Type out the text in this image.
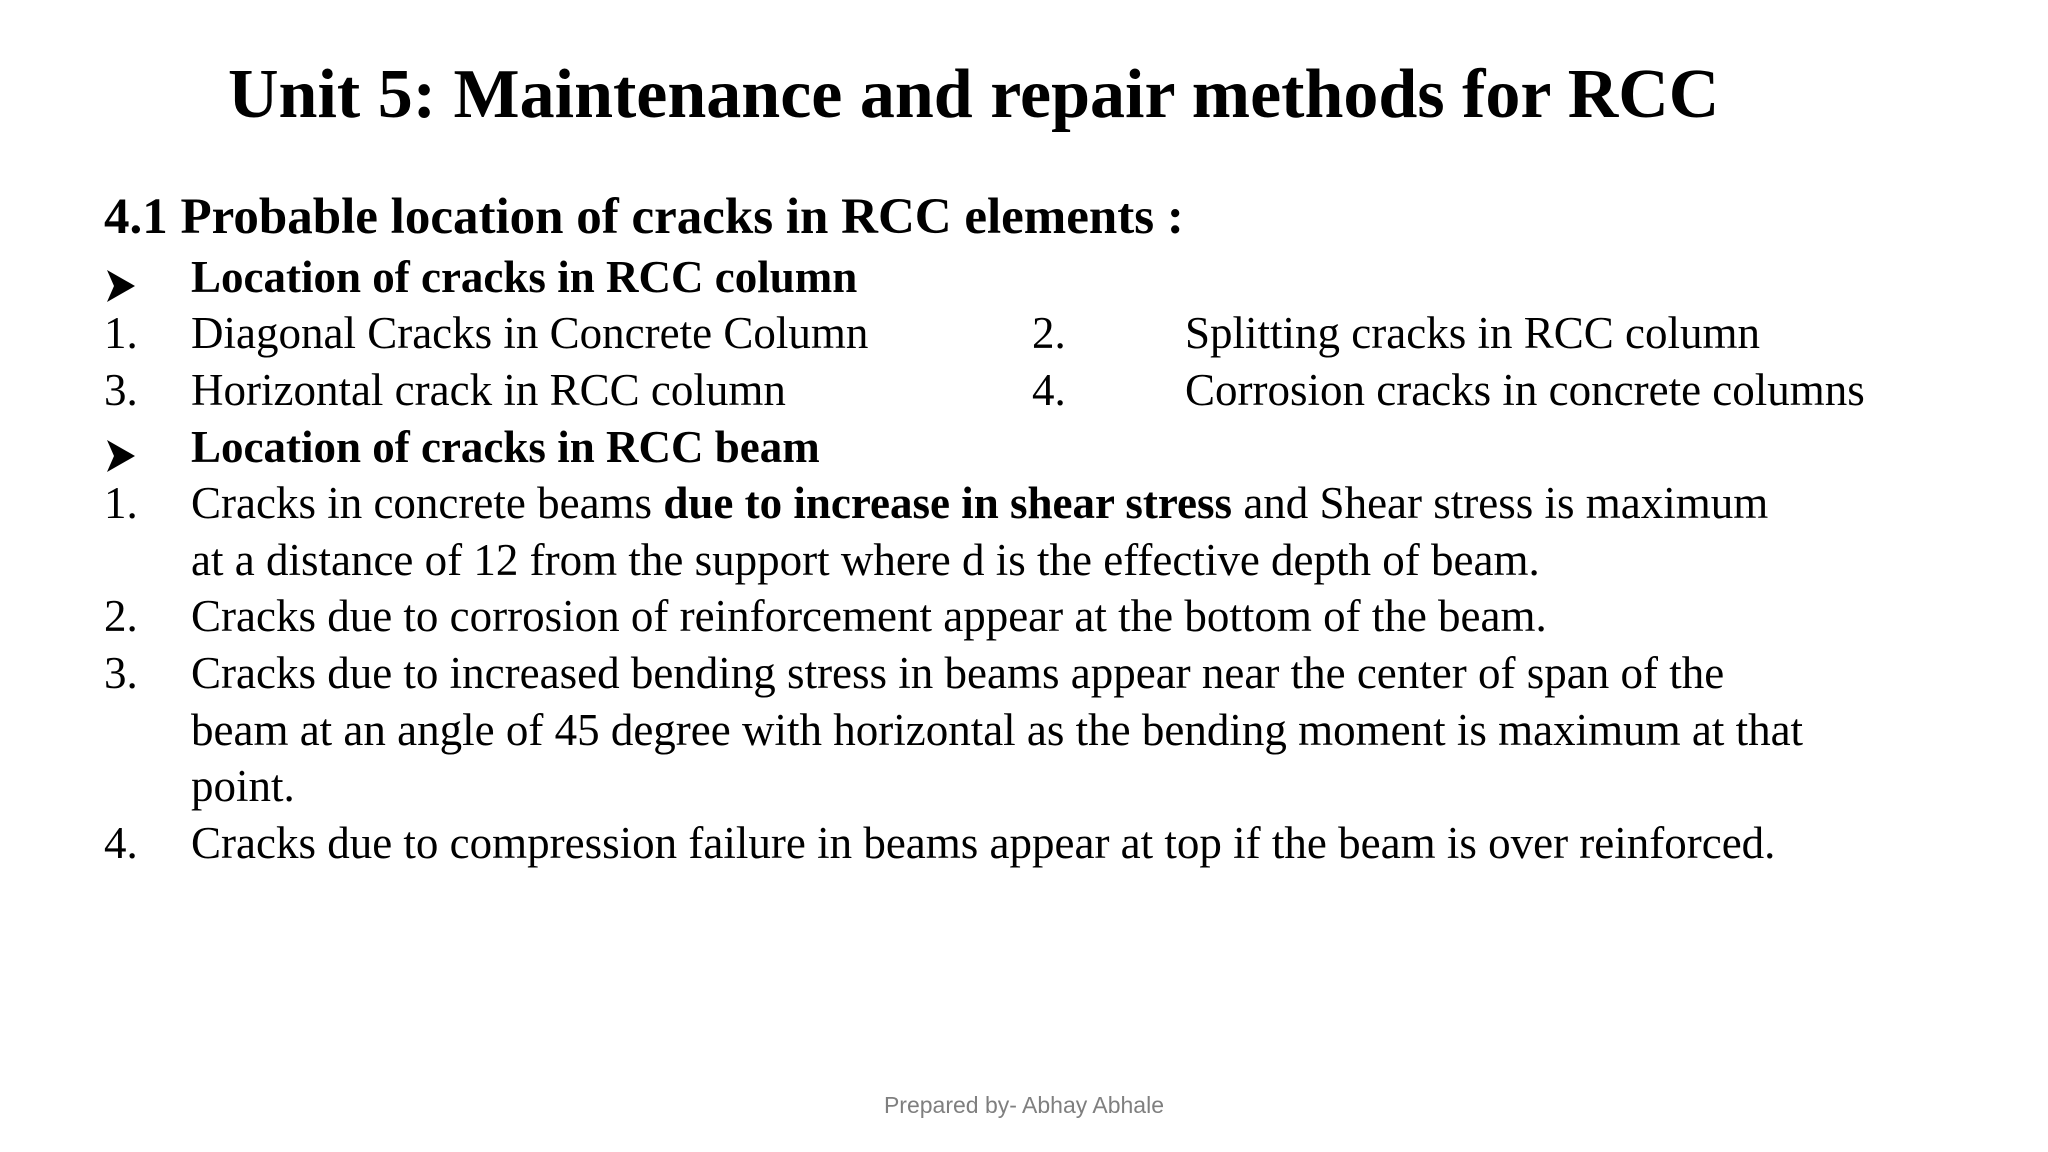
Unit 5: Maintenance and repair methods for RCC
4.1 Probable location of cracks in RCC elements :
Location of cracks in RCC column
1. Diagonal Cracks in Concrete Column	2.	Splitting cracks in RCC column
3. Horizontal crack in RCC column	4.	Corrosion cracks in concrete columns
Location of cracks in RCC beam
1. Cracks in concrete beams due to increase in shear stress and Shear stress is maximum
at a distance of 12 from the support where d is the effective depth of beam.
2. Cracks due to corrosion of reinforcement appear at the bottom of the beam.
3. Cracks due to increased bending stress in beams appear near the center of span of the
beam at an angle of 45 degree with horizontal as the bending moment is maximum at that
point.
4. Cracks due to compression failure in beams appear at top if the beam is over reinforced.
Prepared by- Abhay Abhale
